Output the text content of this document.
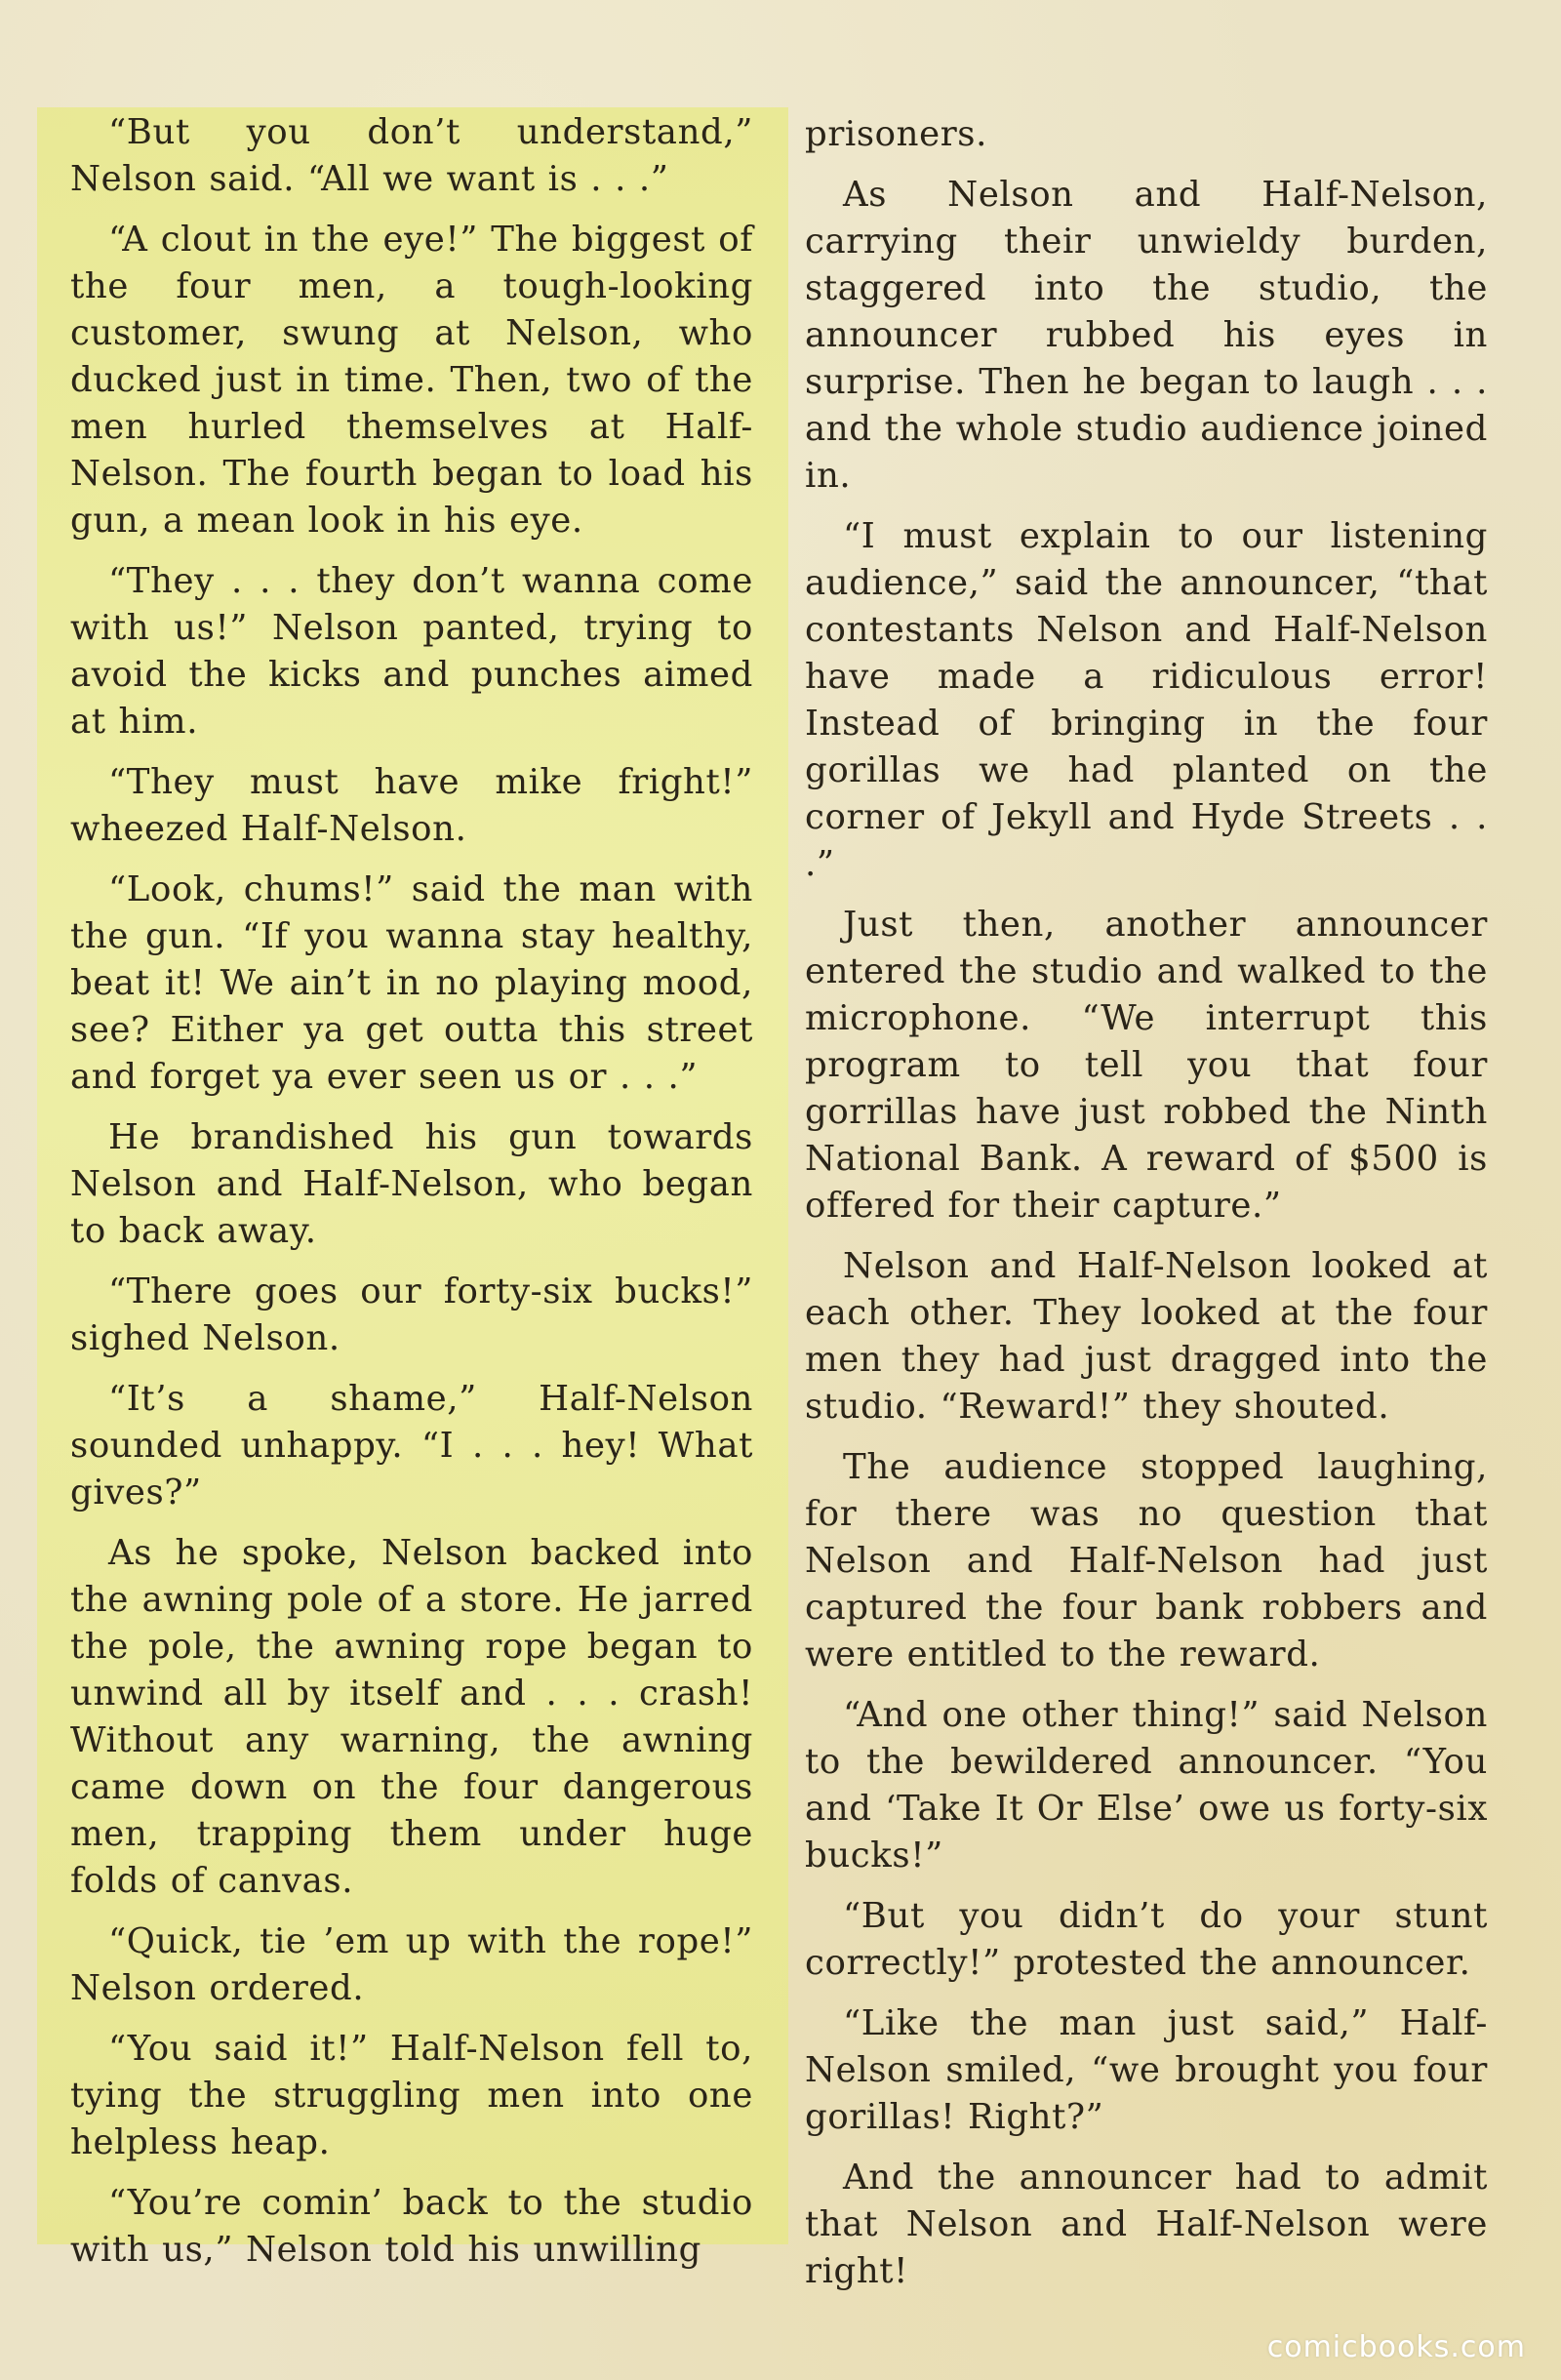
“But you don’t understand,” Nelson said. “All we want is . . .”

“A clout in the eye!” The biggest of the four men, a tough-looking customer, swung at Nelson, who ducked just in time. Then, two of the men hurled themselves at Half-Nelson. The fourth began to load his gun, a mean look in his eye.

“They . . . they don’t wanna come with us!” Nelson panted, trying to avoid the kicks and punches aimed at him.

“They must have mike fright!” wheezed Half-Nelson.

“Look, chums!” said the man with the gun. “If you wanna stay healthy, beat it! We ain’t in no playing mood, see? Either ya get outta this street and forget ya ever seen us or . . .”

He brandished his gun towards Nelson and Half-Nelson, who began to back away.

“There goes our forty-six bucks!” sighed Nelson.

“It’s a shame,” Half-Nelson sounded unhappy. “I . . . hey! What gives?”

As he spoke, Nelson backed into the awning pole of a store. He jarred the pole, the awning rope began to unwind all by itself and . . . crash! Without any warning, the awning came down on the four dangerous men, trapping them under huge folds of canvas.

“Quick, tie ’em up with the rope!” Nelson ordered.

“You said it!” Half-Nelson fell to, tying the struggling men into one helpless heap.

“You’re comin’ back to the studio with us,” Nelson told his unwilling

prisoners.

As Nelson and Half-Nelson, carrying their unwieldy burden, staggered into the studio, the announcer rubbed his eyes in surprise. Then he began to laugh . . . and the whole studio audience joined in.

“I must explain to our listening audience,” said the announcer, “that contestants Nelson and Half-Nelson have made a ridiculous error! Instead of bringing in the four gorillas we had planted on the corner of Jekyll and Hyde Streets . . .”

Just then, another announcer entered the studio and walked to the microphone. “We interrupt this program to tell you that four gorrillas have just robbed the Ninth National Bank. A reward of $500 is offered for their capture.”

Nelson and Half-Nelson looked at each other. They looked at the four men they had just dragged into the studio. “Reward!” they shouted.

The audience stopped laughing, for there was no question that Nelson and Half-Nelson had just captured the four bank robbers and were entitled to the reward.

“And one other thing!” said Nelson to the bewildered announcer. “You and ‘Take It Or Else’ owe us forty-six bucks!”

“But you didn’t do your stunt correctly!” protested the announcer.

“Like the man just said,” Half-Nelson smiled, “we brought you four gorillas! Right?”

And the announcer had to admit that Nelson and Half-Nelson were right!

comicbooks.com
